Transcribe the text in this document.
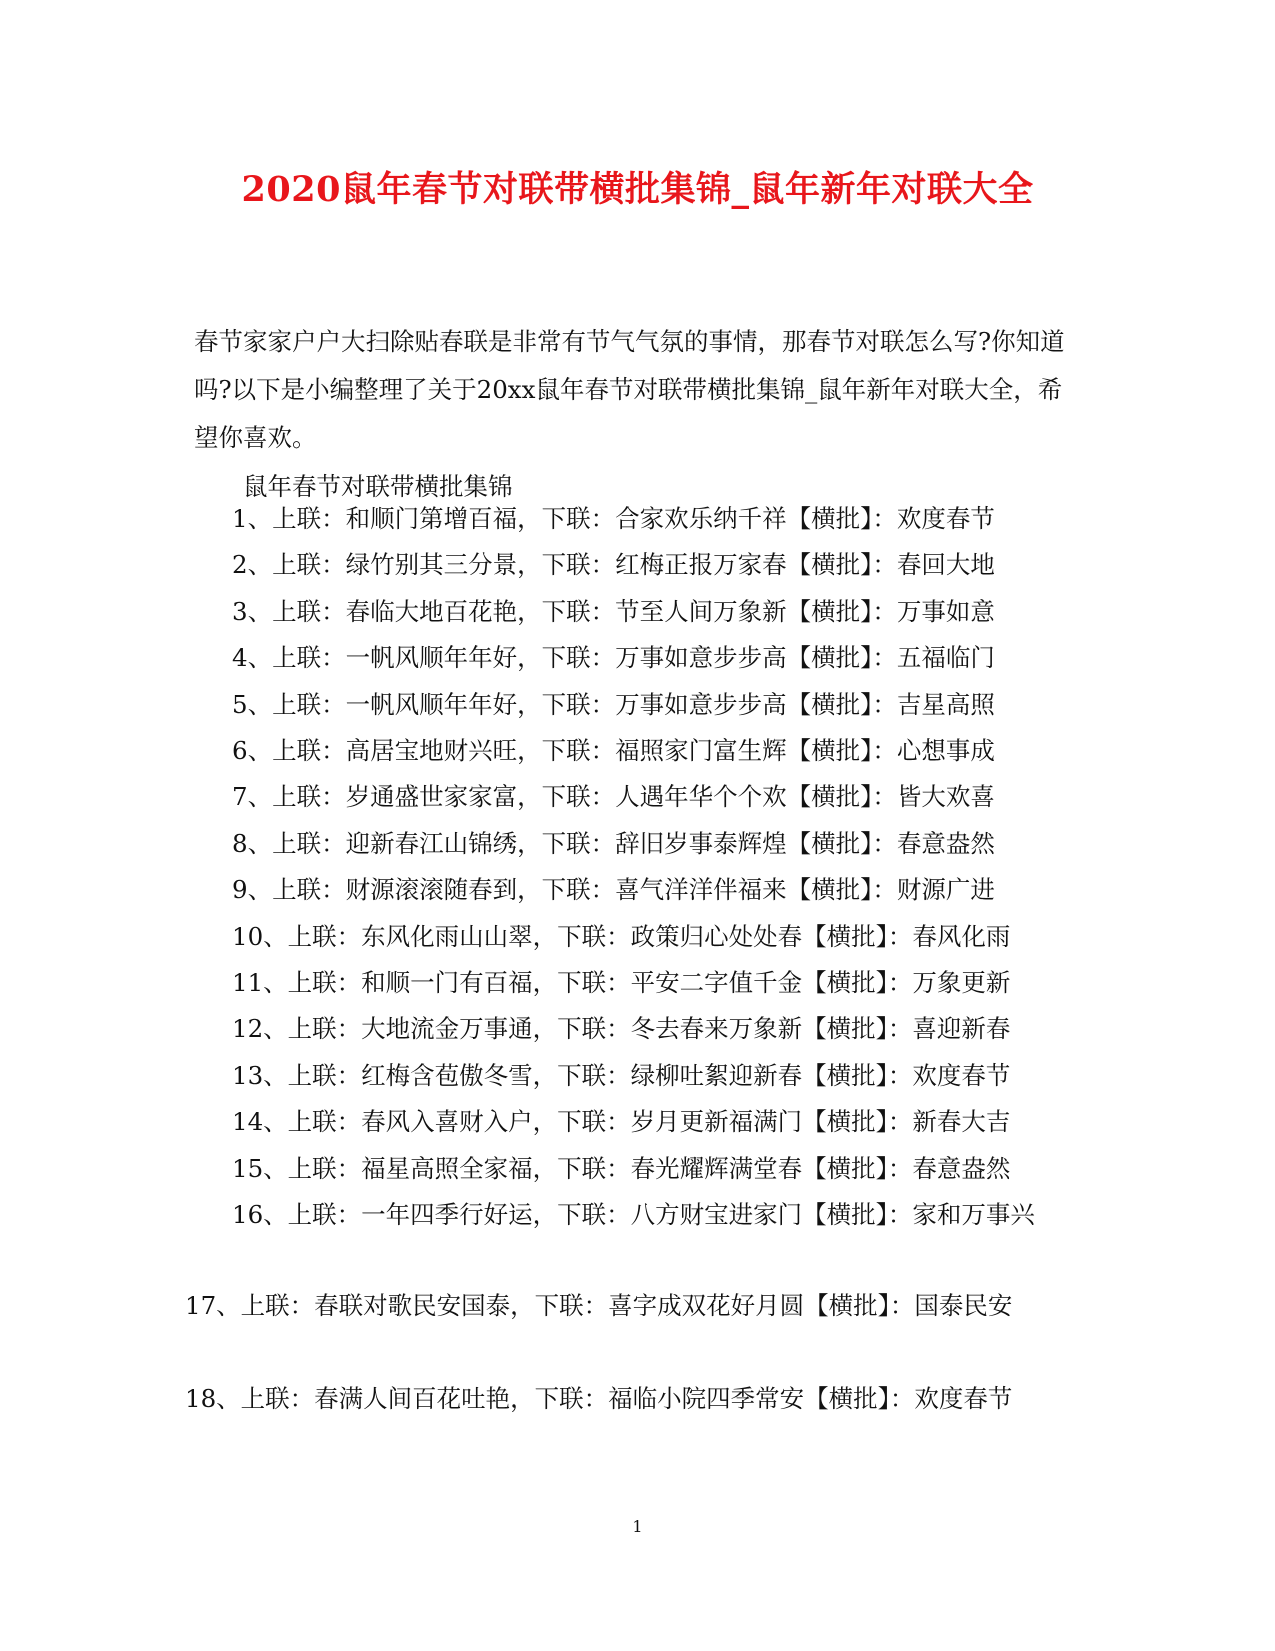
2020鼠年春节对联带横批集锦_鼠年新年对联大全
春节家家户户大扫除贴春联是非常有节气气氛的事情，那春节对联怎么写?你知道吗?以下是小编整理了关于20xx鼠年春节对联带横批集锦_鼠年新年对联大全，希望你喜欢。
鼠年春节对联带横批集锦
1、上联：和顺门第增百福，下联：合家欢乐纳千祥【横批】：欢度春节
2、上联：绿竹别其三分景，下联：红梅正报万家春【横批】：春回大地
3、上联：春临大地百花艳，下联：节至人间万象新【横批】：万事如意
4、上联：一帆风顺年年好，下联：万事如意步步高【横批】：五福临门
5、上联：一帆风顺年年好，下联：万事如意步步高【横批】：吉星高照
6、上联：高居宝地财兴旺，下联：福照家门富生辉【横批】：心想事成
7、上联：岁通盛世家家富，下联：人遇年华个个欢【横批】：皆大欢喜
8、上联：迎新春江山锦绣，下联：辞旧岁事泰辉煌【横批】：春意盎然
9、上联：财源滚滚随春到，下联：喜气洋洋伴福来【横批】：财源广进
10、上联：东风化雨山山翠，下联：政策归心处处春【横批】：春风化雨
11、上联：和顺一门有百福，下联：平安二字值千金【横批】：万象更新
12、上联：大地流金万事通，下联：冬去春来万象新【横批】：喜迎新春
13、上联：红梅含苞傲冬雪，下联：绿柳吐絮迎新春【横批】：欢度春节
14、上联：春风入喜财入户，下联：岁月更新福满门【横批】：新春大吉
15、上联：福星高照全家福，下联：春光耀辉满堂春【横批】：春意盎然
16、上联：一年四季行好运，下联：八方财宝进家门【横批】：家和万事兴
17、上联：春联对歌民安国泰，下联：喜字成双花好月圆【横批】：国泰民安
18、上联：春满人间百花吐艳，下联：福临小院四季常安【横批】：欢度春节
1
